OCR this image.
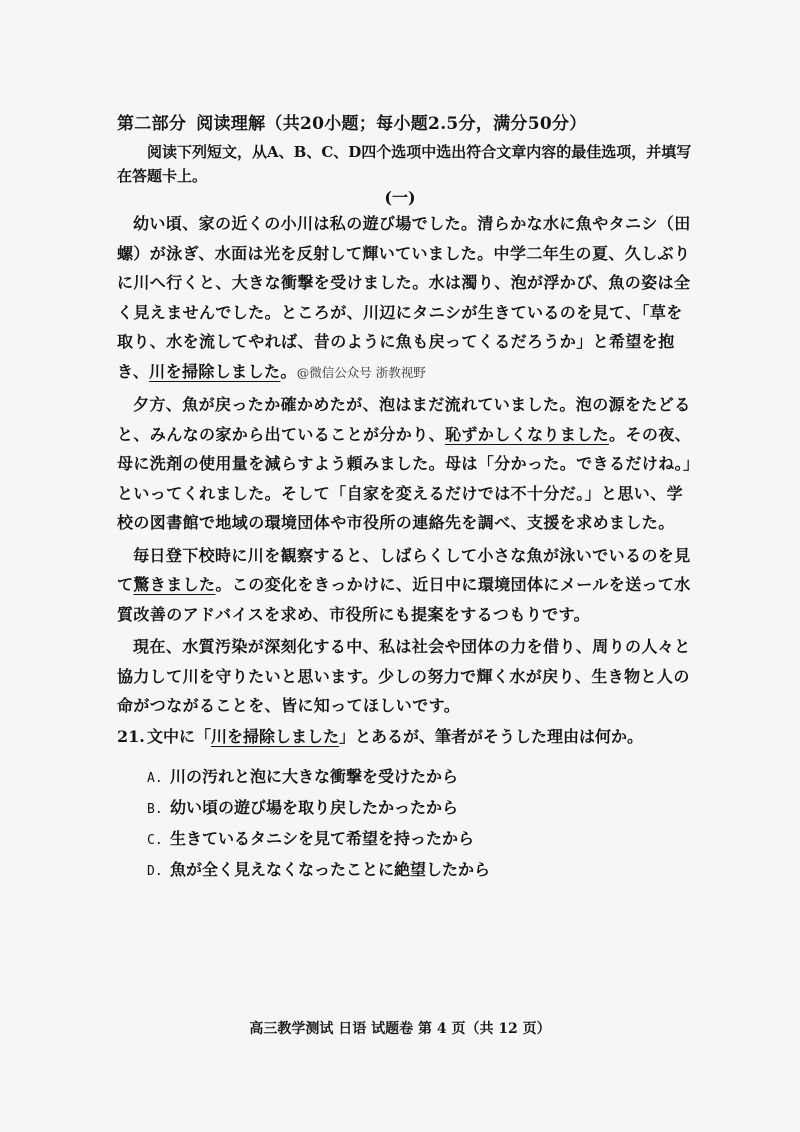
第二部分 阅读理解（共20小题；每小题2.5分，满分50分）
阅读下列短文，从A、B、C、D四个选项中选出符合文章内容的最佳选项，并填写在答题卡上。
(一)

幼い頃、家の近くの小川は私の遊び場でした。清らかな水に魚やタニシ（田螺）が泳ぎ、水面は光を反射して輝いていました。中学二年生の夏、久しぶりに川へ行くと、大きな衝撃を受けました。水は濁り、泡が浮かび、魚の姿は全く見えませんでした。ところが、川辺にタニシが生きているのを見て、「草を取り、水を流してやれば、昔のように魚も戻ってくるだろうか」と希望を抱き、川を掃除しました。@微信公众号 浙教视野

夕方、魚が戻ったか確かめたが、泡はまだ流れていました。泡の源をたどると、みんなの家から出ていることが分かり、恥ずかしくなりました。その夜、母に洗剤の使用量を減らすよう頼みました。母は「分かった。できるだけね。」といってくれました。そして「自家を変えるだけでは不十分だ。」と思い、学校の図書館で地域の環境団体や市役所の連絡先を調べ、支援を求めました。

毎日登下校時に川を観察すると、しばらくして小さな魚が泳いでいるのを見て驚きました。この変化をきっかけに、近日中に環境団体にメールを送って水質改善のアドバイスを求め、市役所にも提案をするつもりです。

現在、水質汚染が深刻化する中、私は社会や団体の力を借り、周りの人々と協力して川を守りたいと思います。少しの努力で輝く水が戻り、生き物と人の命がつながることを、皆に知ってほしいです。

21. 文中に「川を掃除しました」とあるが、筆者がそうした理由は何か。
A. 川の汚れと泡に大きな衝撃を受けたから
B. 幼い頃の遊び場を取り戻したかったから
C. 生きているタニシを見て希望を持ったから
D. 魚が全く見えなくなったことに絶望したから
高三教学测试 日语 试题卷 第 4 页（共 12 页）
